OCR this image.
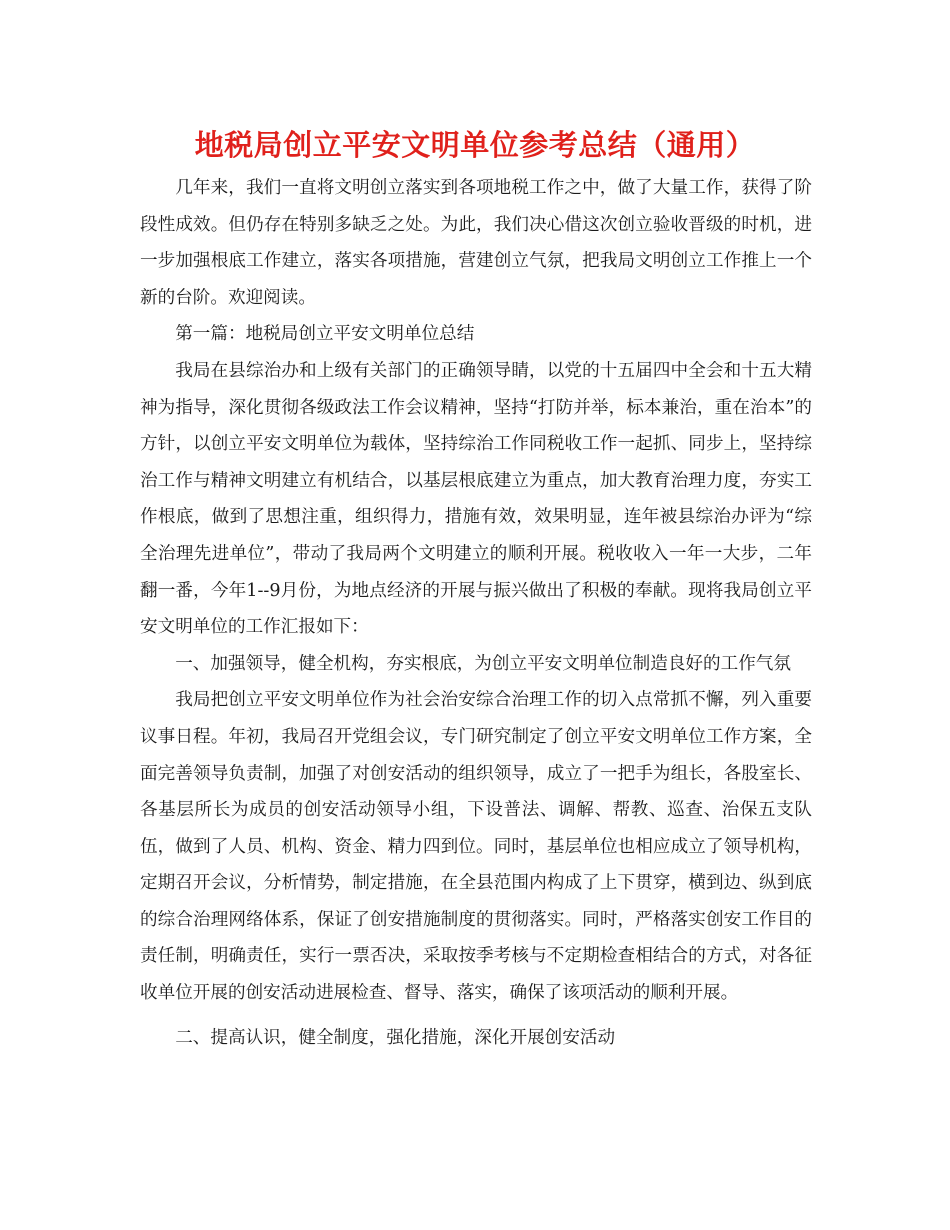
地税局创立平安文明单位参考总结（通用）

几年来，我们一直将文明创立落实到各项地税工作之中，做了大量工作，获得了阶段性成效。但仍存在特别多缺乏之处。为此，我们决心借这次创立验收晋级的时机，进一步加强根底工作建立，落实各项措施，营建创立气氛，把我局文明创立工作推上一个新的台阶。欢迎阅读。

第一篇：地税局创立平安文明单位总结

我局在县综治办和上级有关部门的正确领导睛，以党的十五届四中全会和十五大精神为指导，深化贯彻各级政法工作会议精神，坚持“打防并举，标本兼治，重在治本”的方针，以创立平安文明单位为载体，坚持综治工作同税收工作一起抓、同步上，坚持综治工作与精神文明建立有机结合，以基层根底建立为重点，加大教育治理力度，夯实工作根底，做到了思想注重，组织得力，措施有效，效果明显，连年被县综治办评为“综全治理先进单位”，带动了我局两个文明建立的顺利开展。税收收入一年一大步，二年翻一番，今年1--9月份，为地点经济的开展与振兴做出了积极的奉献。现将我局创立平安文明单位的工作汇报如下：

一、加强领导，健全机构，夯实根底，为创立平安文明单位制造良好的工作气氛

我局把创立平安文明单位作为社会治安综合治理工作的切入点常抓不懈，列入重要议事日程。年初，我局召开党组会议，专门研究制定了创立平安文明单位工作方案，全面完善领导负责制，加强了对创安活动的组织领导，成立了一把手为组长，各股室长、各基层所长为成员的创安活动领导小组，下设普法、调解、帮教、巡查、治保五支队伍，做到了人员、机构、资金、精力四到位。同时，基层单位也相应成立了领导机构，定期召开会议，分析情势，制定措施，在全县范围内构成了上下贯穿，横到边、纵到底的综合治理网络体系，保证了创安措施制度的贯彻落实。同时，严格落实创安工作目的责任制，明确责任，实行一票否决，采取按季考核与不定期检查相结合的方式，对各征收单位开展的创安活动进展检查、督导、落实，确保了该项活动的顺利开展。

二、提高认识，健全制度，强化措施，深化开展创安活动
